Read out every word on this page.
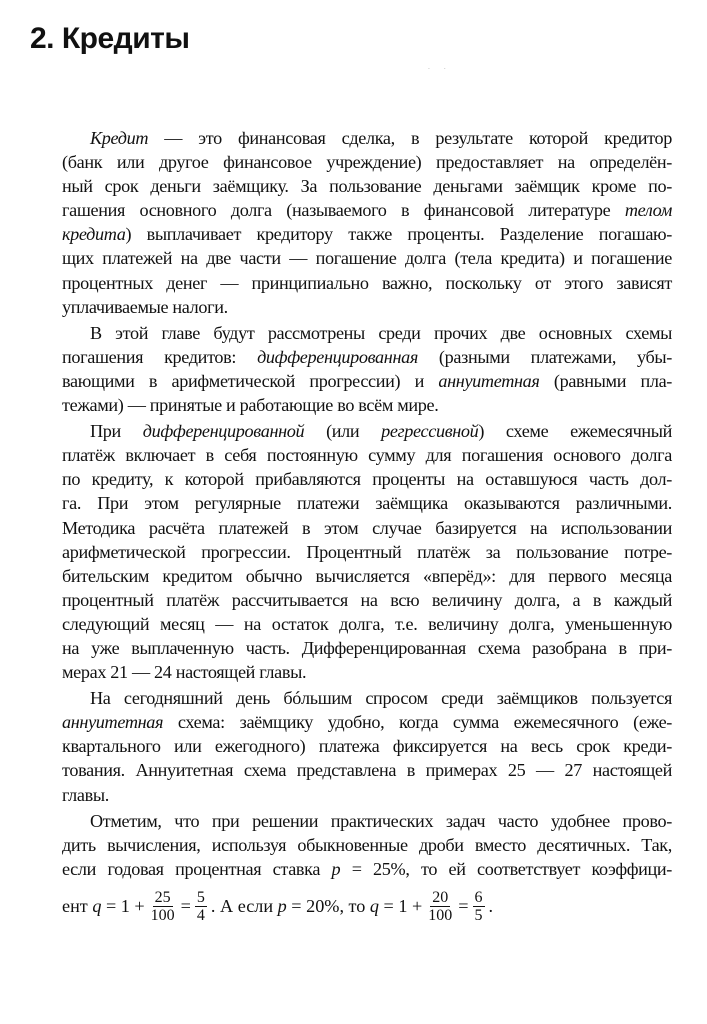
2. Кредиты
··
Кредит — это финансовая сделка, в результате которой кредитор
(банк или другое финансовое учреждение) предоставляет на определён-
ный срок деньги заёмщику. За пользование деньгами заёмщик кроме по-
гашения основного долга (называемого в финансовой литературе телом
кредита) выплачивает кредитору также проценты. Разделение погашаю-
щих платежей на две части — погашение долга (тела кредита) и погашение
процентных денег — принципиально важно, поскольку от этого зависят
уплачиваемые налоги.
В этой главе будут рассмотрены среди прочих две основных схемы
погашения кредитов: дифференцированная (разными платежами, убы-
вающими в арифметической прогрессии) и аннуитетная (равными пла-
тежами) — принятые и работающие во всём мире.
При дифференцированной (или регрессивной) схеме ежемесячный
платёж включает в себя постоянную сумму для погашения основого долга
по кредиту, к которой прибавляются проценты на оставшуюся часть дол-
га. При этом регулярные платежи заёмщика оказываются различными.
Методика расчёта платежей в этом случае базируется на использовании
арифметической прогрессии. Процентный платёж за пользование потре-
бительским кредитом обычно вычисляется «вперёд»: для первого месяца
процентный платёж рассчитывается на всю величину долга, а в каждый
следующий месяц — на остаток долга, т.е. величину долга, уменьшенную
на уже выплаченную часть. Дифференцированная схема разобрана в при-
мерах 21 — 24 настоящей главы.
На сегодняшний день бóльшим спросом среди заёмщиков пользуется
аннуитетная схема: заёмщику удобно, когда сумма ежемесячного (еже-
квартального или ежегодного) платежа фиксируется на весь срок креди-
тования. Аннуитетная схема представлена в примерах 25 — 27 настоящей
главы.
Отметим, что при решении практических задач часто удобнее прово-
дить вычисления, используя обыкновенные дроби вместо десятичных. Так,
если годовая процентная ставка p = 25%, то ей соответствует коэффици-
ент $q = 1 + \frac{25}{100} = \frac{5}{4}$ . А если p = 20%, то $q = 1 + \frac{20}{100} = \frac{6}{5}$ .
